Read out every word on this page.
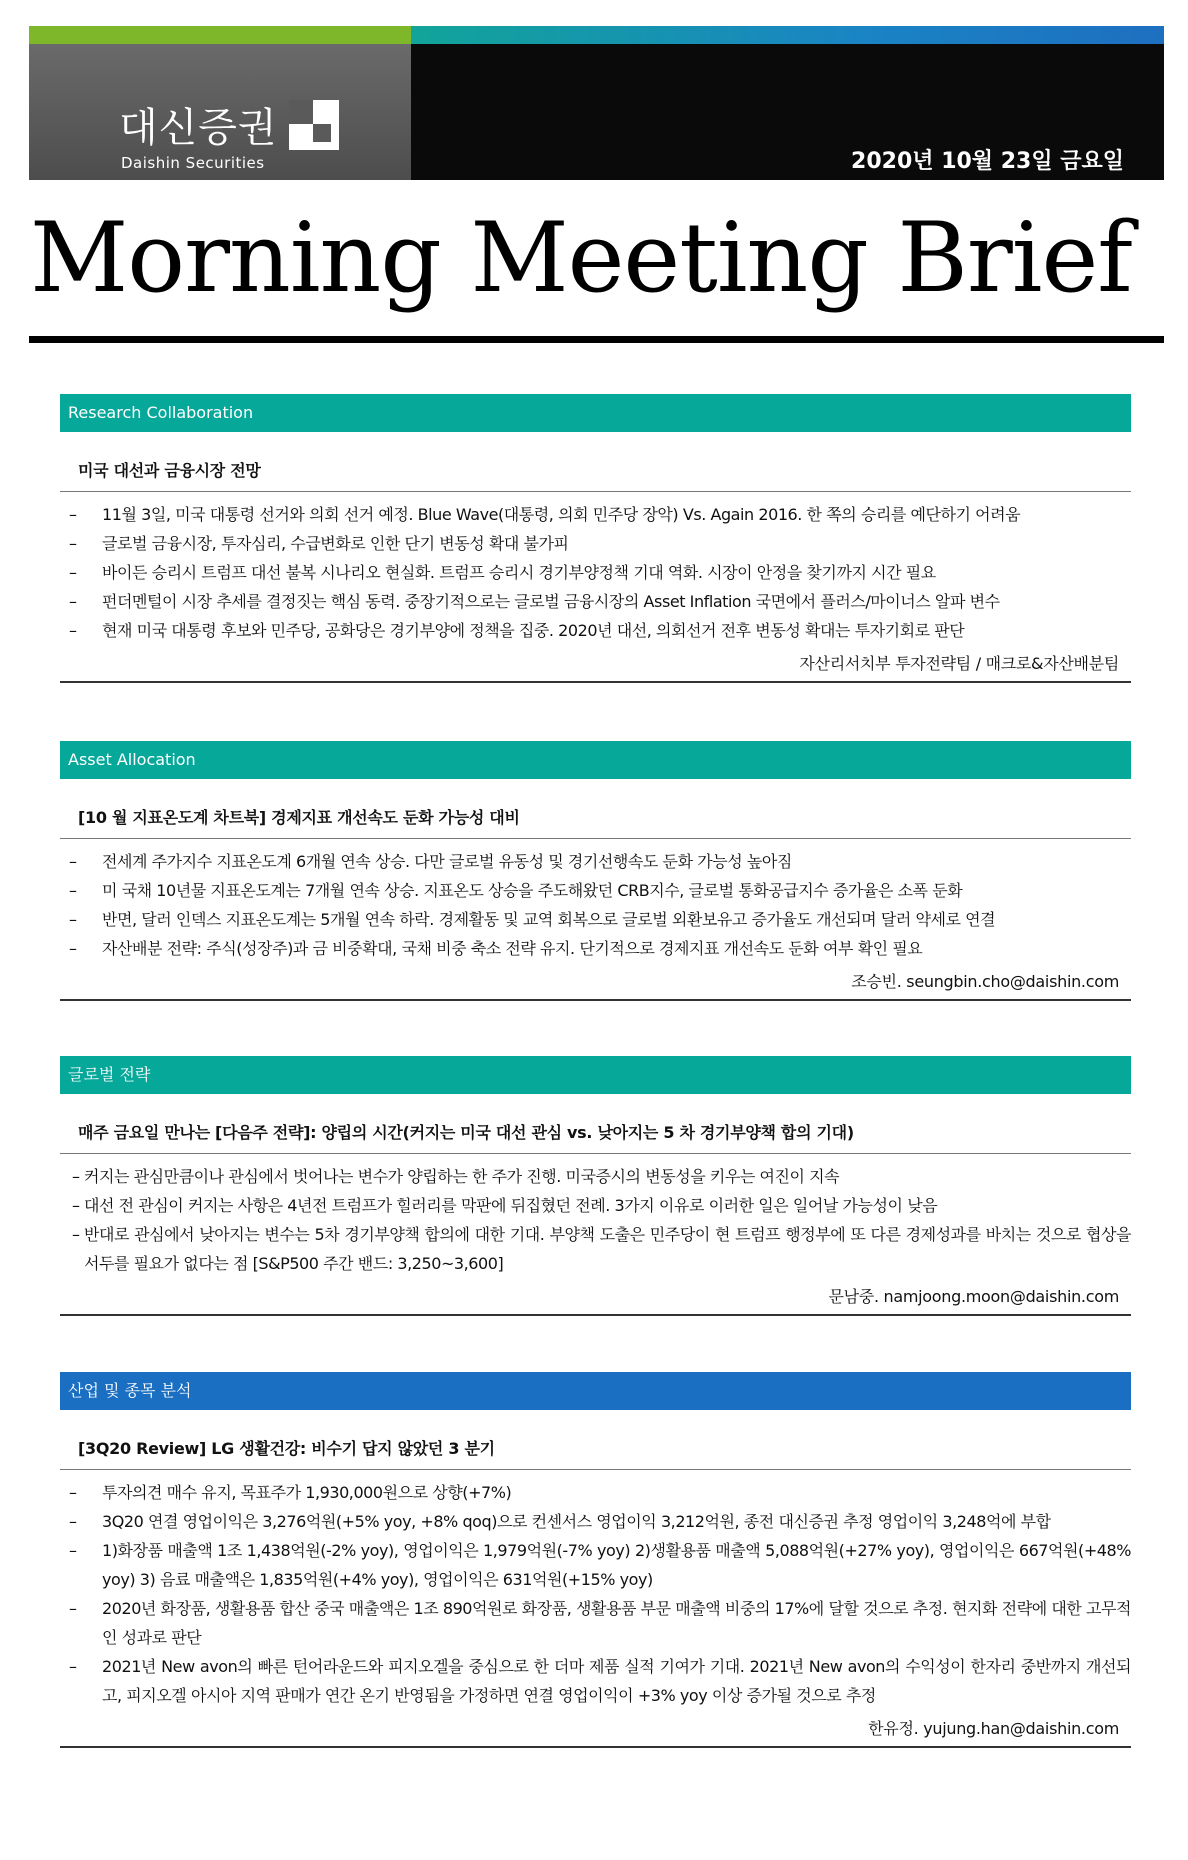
대신증권
Daishin Securities	2020년 10월 23일 금요일
Morning Meeting Brief
Research Collaboration
미국 대선과 금융시장 전망
– 11월 3일, 미국 대통령 선거와 의회 선거 예정. Blue Wave(대통령, 의회 민주당 장악) Vs. Again 2016. 한 쪽의 승리를 예단하기 어려움
– 글로벌 금융시장, 투자심리, 수급변화로 인한 단기 변동성 확대 불가피
– 바이든 승리시 트럼프 대선 불복 시나리오 현실화. 트럼프 승리시 경기부양정책 기대 역화. 시장이 안정을 찾기까지 시간 필요
– 펀더멘털이 시장 추세를 결정짓는 핵심 동력. 중장기적으로는 글로벌 금융시장의 Asset Inflation 국면에서 플러스/마이너스 알파 변수
– 현재 미국 대통령 후보와 민주당, 공화당은 경기부양에 정책을 집중. 2020년 대선, 의회선거 전후 변동성 확대는 투자기회로 판단
자산리서치부 투자전략팀 / 매크로&자산배분팀
Asset Allocation
[10 월 지표온도계 차트북] 경제지표 개선속도 둔화 가능성 대비
– 전세계 주가지수 지표온도계 6개월 연속 상승. 다만 글로벌 유동성 및 경기선행속도 둔화 가능성 높아짐
– 미 국채 10년물 지표온도계는 7개월 연속 상승. 지표온도 상승을 주도해왔던 CRB지수, 글로벌 통화공급지수 증가율은 소폭 둔화
– 반면, 달러 인덱스 지표온도계는 5개월 연속 하락. 경제활동 및 교역 회복으로 글로벌 외환보유고 증가율도 개선되며 달러 약세로 연결
– 자산배분 전략: 주식(성장주)과 금 비중확대, 국채 비중 축소 전략 유지. 단기적으로 경제지표 개선속도 둔화 여부 확인 필요
조승빈. seungbin.cho@daishin.com
글로벌 전략
매주 금요일 만나는 [다음주 전략]: 양립의 시간(커지는 미국 대선 관심 vs. 낮아지는 5 차 경기부양책 합의 기대)
– 커지는 관심만큼이나 관심에서 벗어나는 변수가 양립하는 한 주가 진행. 미국증시의 변동성을 키우는 여진이 지속
– 대선 전 관심이 커지는 사항은 4년전 트럼프가 힐러리를 막판에 뒤집혔던 전례. 3가지 이유로 이러한 일은 일어날 가능성이 낮음
– 반대로 관심에서 낮아지는 변수는 5차 경기부양책 합의에 대한 기대. 부양책 도출은 민주당이 현 트럼프 행정부에 또 다른 경제성과를 바치는 것으로 협상을 서두를 필요가 없다는 점 [S&P500 주간 밴드: 3,250~3,600]
문남중. namjoong.moon@daishin.com
산업 및 종목 분석
[3Q20 Review] LG 생활건강: 비수기 답지 않았던 3 분기
– 투자의견 매수 유지, 목표주가 1,930,000원으로 상향(+7%)
– 3Q20 연결 영업이익은 3,276억원(+5% yoy, +8% qoq)으로 컨센서스 영업이익 3,212억원, 종전 대신증권 추정 영업이익 3,248억에 부합
– 1)화장품 매출액 1조 1,438억원(-2% yoy), 영업이익은 1,979억원(-7% yoy) 2)생활용품 매출액 5,088억원(+27% yoy), 영업이익은 667억원(+48% yoy) 3) 음료 매출액은 1,835억원(+4% yoy), 영업이익은 631억원(+15% yoy)
– 2020년 화장품, 생활용품 합산 중국 매출액은 1조 890억원로 화장품, 생활용품 부문 매출액 비중의 17%에 달할 것으로 추정. 현지화 전략에 대한 고무적인 성과로 판단
– 2021년 New avon의 빠른 턴어라운드와 피지오겔을 중심으로 한 더마 제품 실적 기여가 기대. 2021년 New avon의 수익성이 한자리 중반까지 개선되고, 피지오겔 아시아 지역 판매가 연간 온기 반영됨을 가정하면 연결 영업이익이 +3% yoy 이상 증가될 것으로 추정
한유정. yujung.han@daishin.com
